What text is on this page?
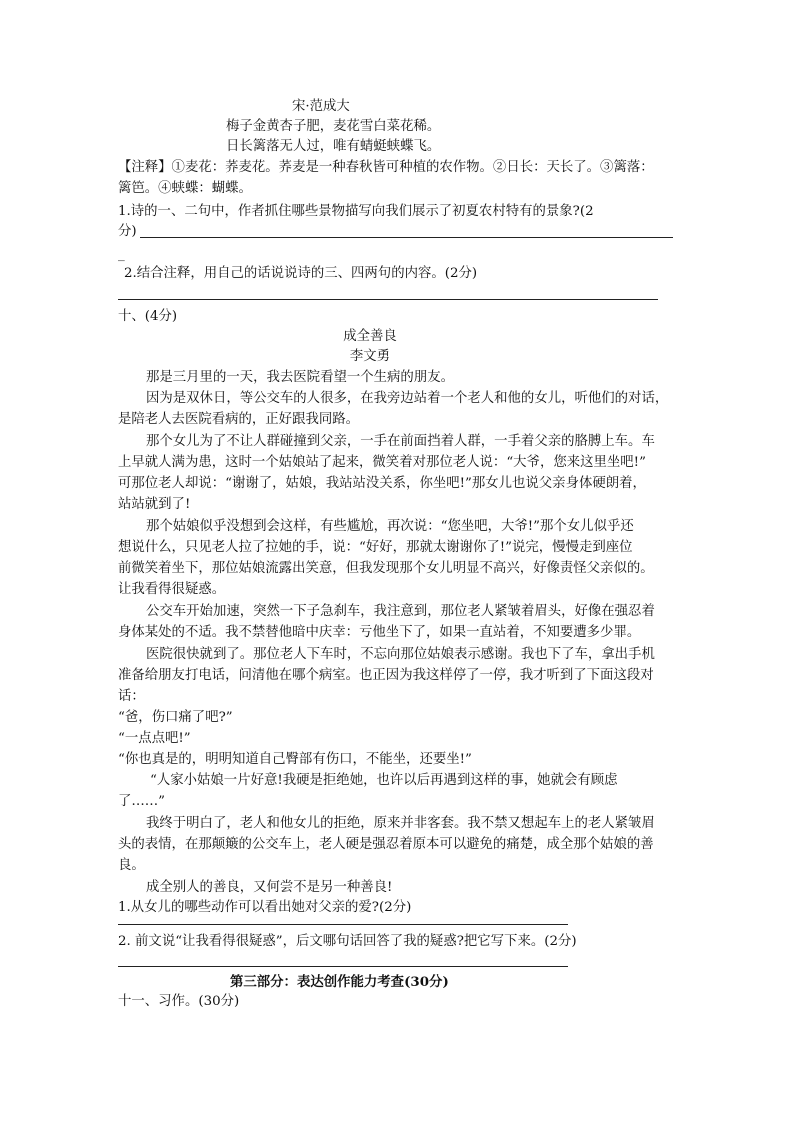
宋·范成大
梅子金黄杏子肥，麦花雪白菜花稀。
日长篱落无人过，唯有蜻蜓蛱蝶飞。
【注释】①麦花：荞麦花。荞麦是一种春秋皆可种植的农作物。②日长：天长了。③篱落：
篱笆。④蛱蝶：蝴蝶。
1.诗的一、二句中，作者抓住哪些景物描写向我们展示了初夏农村特有的景象?(2
分)
_
2.结合注释，用自己的话说说诗的三、四两句的内容。(2分)
十、(4分)
成全善良
李文勇
那是三月里的一天，我去医院看望一个生病的朋友。
因为是双休日，等公交车的人很多，在我旁边站着一个老人和他的女儿，听他们的对话，
是陪老人去医院看病的，正好跟我同路。
那个女儿为了不让人群碰撞到父亲，一手在前面挡着人群，一手着父亲的胳膊上车。车
上早就人满为患，这时一个姑娘站了起来，微笑着对那位老人说：“大爷，您来这里坐吧!”
可那位老人却说：“谢谢了，姑娘，我站站没关系，你坐吧!”那女儿也说父亲身体硬朗着，
站站就到了!
那个姑娘似乎没想到会这样，有些尴尬，再次说：“您坐吧，大爷!”那个女儿似乎还
想说什么，只见老人拉了拉她的手，说：“好好，那就太谢谢你了!”说完，慢慢走到座位
前微笑着坐下，那位姑娘流露出笑意，但我发现那个女儿明显不高兴，好像责怪父亲似的。
让我看得很疑惑。
公交车开始加速，突然一下子急刹车，我注意到，那位老人紧皱着眉头，好像在强忍着
身体某处的不适。我不禁替他暗中庆幸：亏他坐下了，如果一直站着，不知要遭多少罪。
医院很快就到了。那位老人下车时，不忘向那位姑娘表示感谢。我也下了车，拿出手机
准备给朋友打电话，问清他在哪个病室。也正因为我这样停了一停，我才听到了下面这段对
话：
“爸，伤口痛了吧?”
“一点点吧!”
“你也真是的，明明知道自己臀部有伤口，不能坐，还要坐!”
“人家小姑娘一片好意!我硬是拒绝她，也许以后再遇到这样的事，她就会有顾虑
了……”
我终于明白了，老人和他女儿的拒绝，原来并非客套。我不禁又想起车上的老人紧皱眉
头的表情，在那颠簸的公交车上，老人硬是强忍着原本可以避免的痛楚，成全那个姑娘的善
良。
成全别人的善良，又何尝不是另一种善良!
1.从女儿的哪些动作可以看出她对父亲的爱?(2分)
2. 前文说“让我看得很疑惑”，后文哪句话回答了我的疑惑?把它写下来。(2分)
第三部分：表达创作能力考查(30分)
十一、习作。(30分)
